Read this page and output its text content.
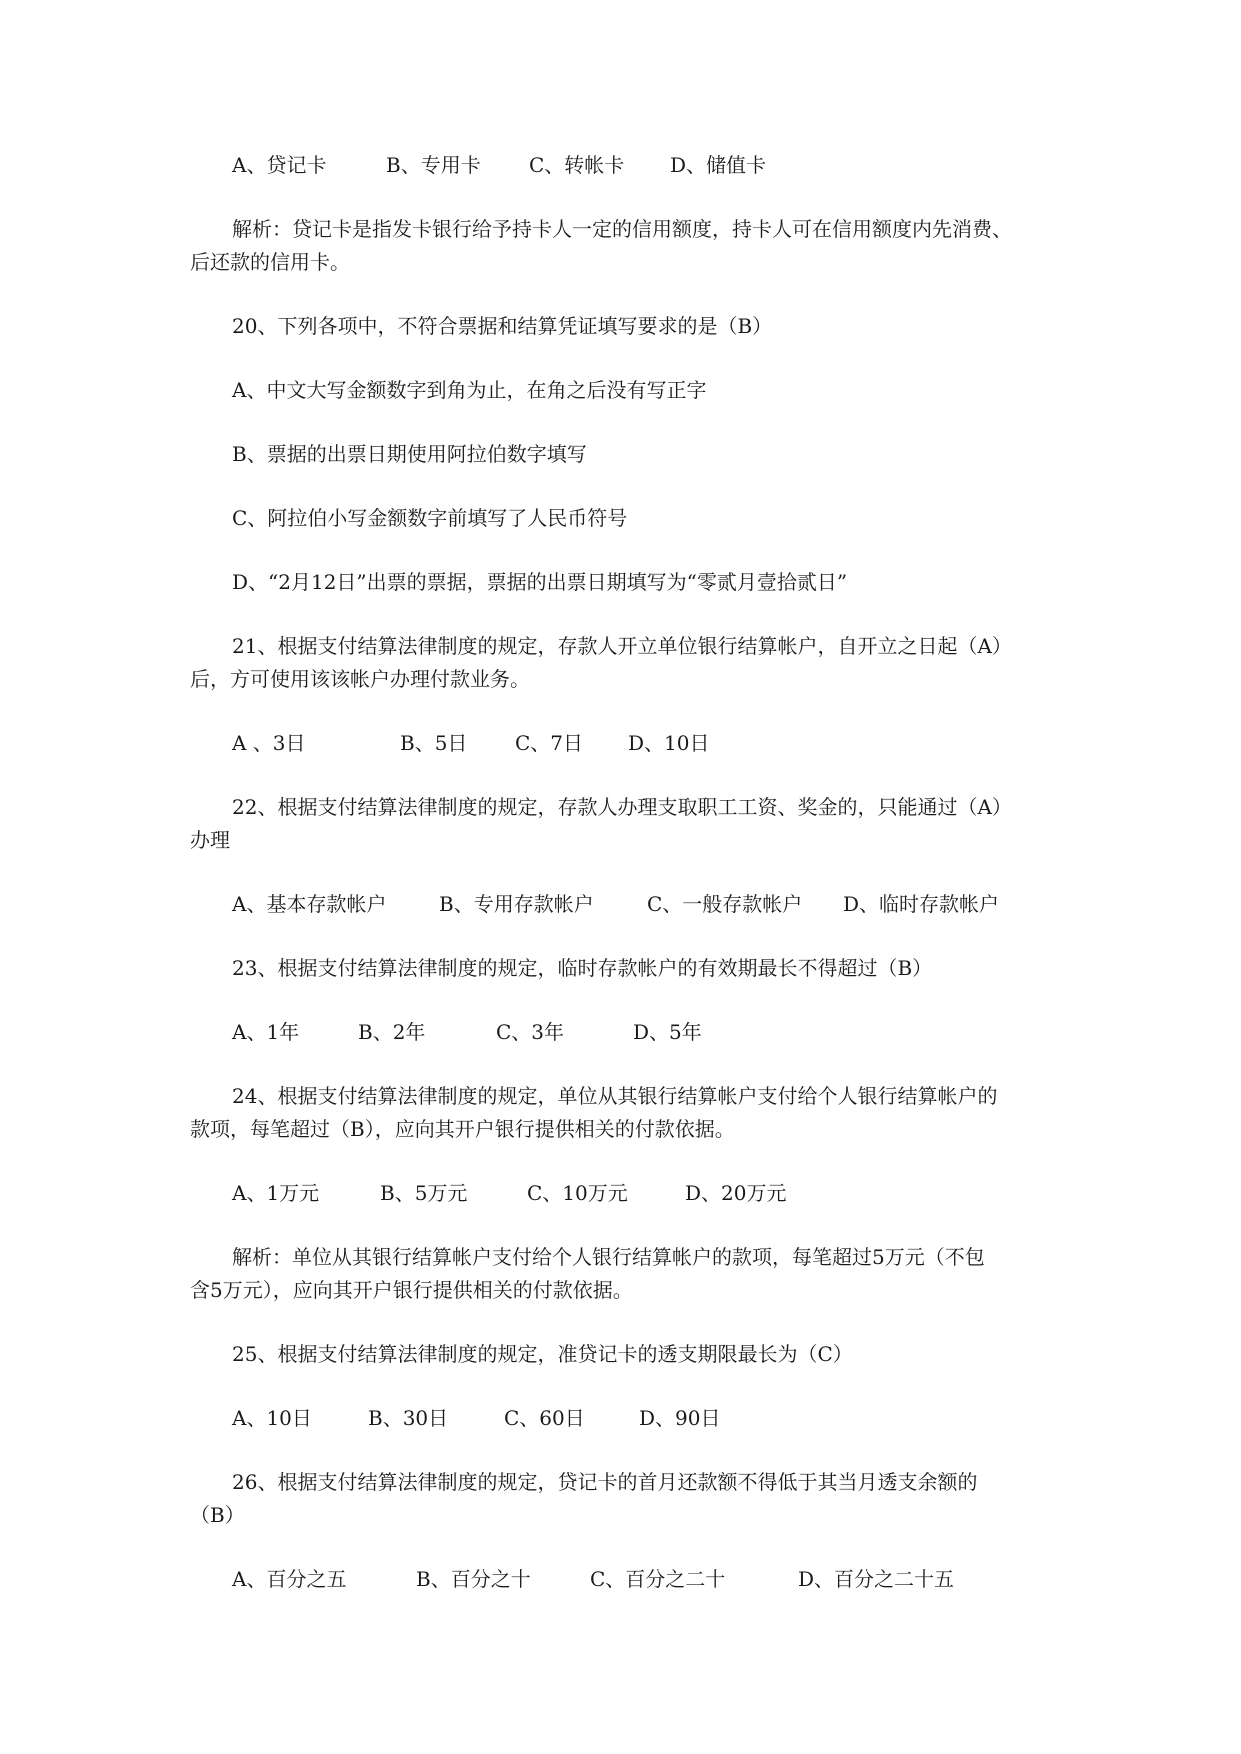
A、贷记卡	B、专用卡 C、转帐卡 D、储值卡
解析：贷记卡是指发卡银行给予持卡人一定的信用额度，持卡人可在信用额度内先消费、
后还款的信用卡。
20、下列各项中，不符合票据和结算凭证填写要求的是（B）
A、中文大写金额数字到角为止，在角之后没有写正字
B、票据的出票日期使用阿拉伯数字填写
C、阿拉伯小写金额数字前填写了人民币符号
D、“2月12日”出票的票据，票据的出票日期填写为“零贰月壹拾贰日”
21、根据支付结算法律制度的规定，存款人开立单位银行结算帐户，自开立之日起（A）
后，方可使用该该帐户办理付款业务。
A 、3日	B、5日 C、7日 D、10日
22、根据支付结算法律制度的规定，存款人办理支取职工工资、奖金的，只能通过（A）
办理
A、基本存款帐户	B、专用存款帐户	C、一般存款帐户 D、临时存款帐户
23、根据支付结算法律制度的规定，临时存款帐户的有效期最长不得超过（B）
A、1年	B、2年	C、3年	D、5年
24、根据支付结算法律制度的规定，单位从其银行结算帐户支付给个人银行结算帐户的
款项，每笔超过（B），应向其开户银行提供相关的付款依据。
A、1万元	B、5万元	C、10万元	D、20万元
解析：单位从其银行结算帐户支付给个人银行结算帐户的款项，每笔超过5万元（不包
含5万元），应向其开户银行提供相关的付款依据。
25、根据支付结算法律制度的规定，准贷记卡的透支期限最长为（C）
A、10日	B、30日	C、60日	D、90日
26、根据支付结算法律制度的规定，贷记卡的首月还款额不得低于其当月透支余额的
（B）
A、百分之五	B、百分之十	C、百分之二十	D、百分之二十五
